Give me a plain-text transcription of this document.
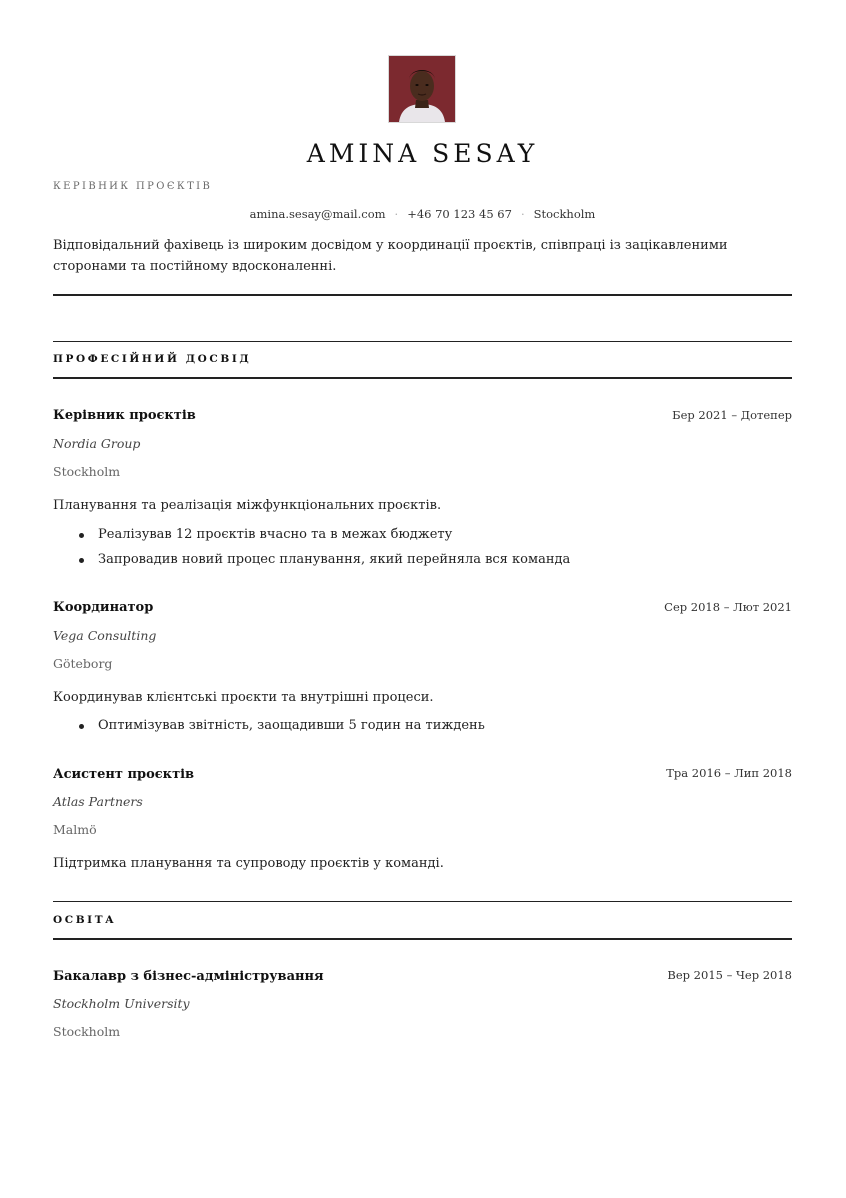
AMINA SESAY
КЕРІВНИК ПРОЄКТІВ
amina.sesay@mail.com · +46 70 123 45 67 · Stockholm
Відповідальний фахівець із широким досвідом у координації проєктів, співпраці із зацікавленими сторонами та постійному вдосконаленні.
ПРОФЕСІЙНИЙ ДОСВІД
Керівник проєктів	Бер 2021 – Дотепер
Nordia Group
Stockholm
Планування та реалізація міжфункціональних проєктів.
Реалізував 12 проєктів вчасно та в межах бюджету
Запровадив новий процес планування, який перейняла вся команда
Координатор	Сер 2018 – Лют 2021
Vega Consulting
Göteborg
Координував клієнтські проєкти та внутрішні процеси.
Оптимізував звітність, заощадивши 5 годин на тиждень
Асистент проєктів	Тра 2016 – Лип 2018
Atlas Partners
Malmö
Підтримка планування та супроводу проєктів у команді.
ОСВІТА
Бакалавр з бізнес-адміністрування	Вер 2015 – Чер 2018
Stockholm University
Stockholm
